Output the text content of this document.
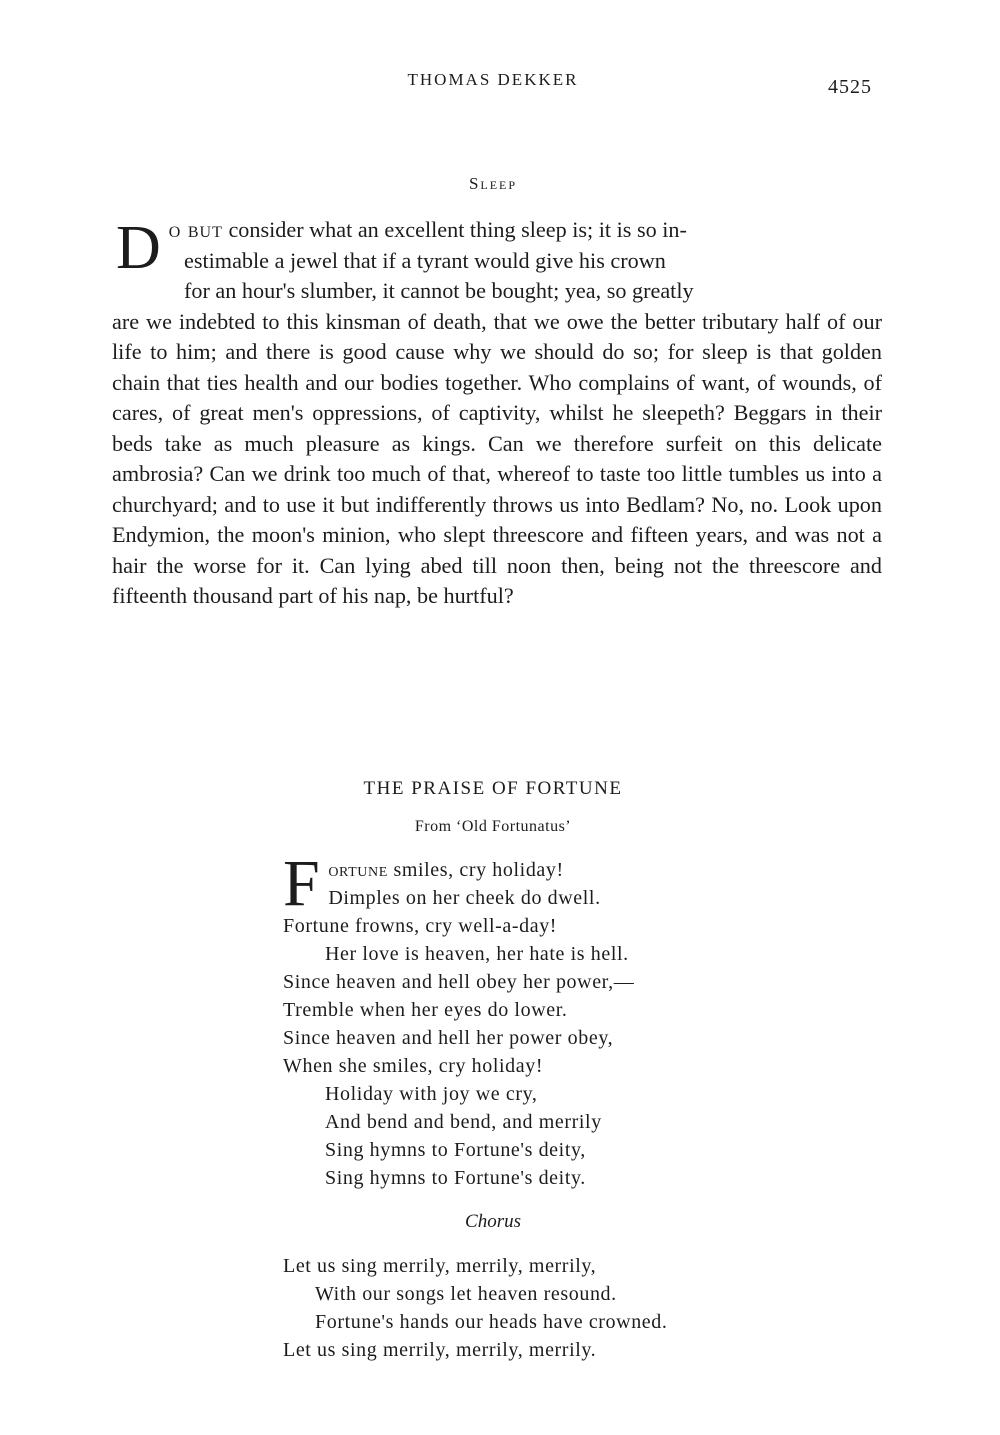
THOMAS DEKKER	4525
Sleep
Do but consider what an excellent thing sleep is; it is so in-
estimable a jewel that if a tyrant would give his crown
for an hour's slumber, it cannot be bought; yea, so greatly
are we indebted to this kinsman of death, that we owe the better tributary half of our life to him; and there is good cause why we should do so; for sleep is that golden chain that ties health and our bodies together. Who complains of want, of wounds, of cares, of great men's oppressions, of captivity, whilst he sleepeth? Beggars in their beds take as much pleasure as kings. Can we therefore surfeit on this delicate ambrosia? Can we drink too much of that, whereof to taste too little tumbles us into a churchyard; and to use it but indifferently throws us into Bedlam? No, no. Look upon Endymion, the moon's minion, who slept threescore and fifteen years, and was not a hair the worse for it. Can lying abed till noon then, being not the threescore and fifteenth thousand part of his nap, be hurtful?
THE PRAISE OF FORTUNE
From ‘Old Fortunatus’
F ortune smiles, cry holiday!
Dimples on her cheek do dwell.
Fortune frowns, cry well-a-day!
Her love is heaven, her hate is hell.
Since heaven and hell obey her power,—
Tremble when her eyes do lower.
Since heaven and hell her power obey,
When she smiles, cry holiday!
Holiday with joy we cry,
And bend and bend, and merrily
Sing hymns to Fortune's deity,
Sing hymns to Fortune's deity.
Chorus
Let us sing merrily, merrily, merrily,
With our songs let heaven resound.
Fortune's hands our heads have crowned.
Let us sing merrily, merrily, merrily.
